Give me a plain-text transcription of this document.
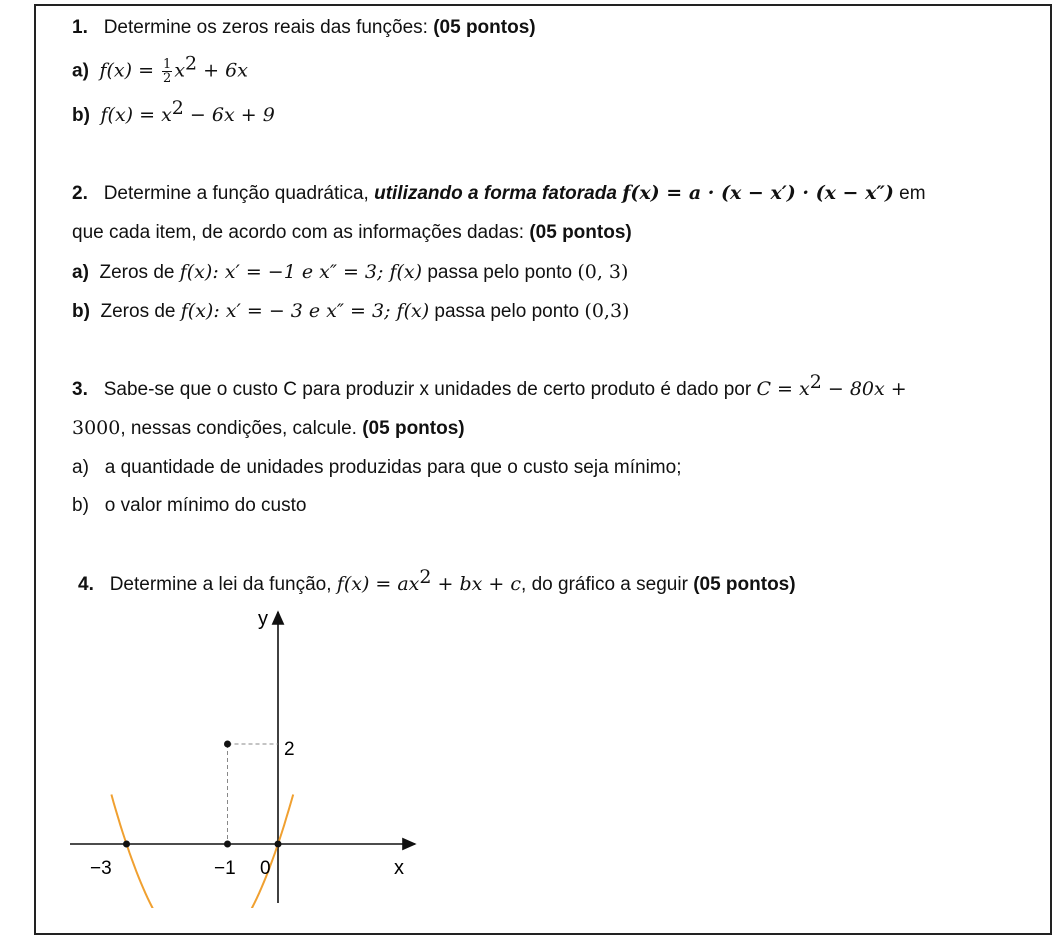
1. Determine os zeros reais das funções: (05 pontos)
a) $f(x) = \frac{1}{2} x^2 + 6x$
b) $f(x) = x^2 - 6x + 9$
2. Determine a função quadrática, utilizando a forma fatorada f(x) = a · (x − x′) · (x − x″) em
que cada item, de acordo com as informações dadas: (05 pontos)
a) Zeros de f(x): x′ = −1 e x″ = 3; f(x) passa pelo ponto (0, 3)
b) Zeros de f(x): x′ = − 3 e x″ = 3; f(x) passa pelo ponto (0,3)
3. Sabe-se que o custo C para produzir x unidades de certo produto é dado por $C = x^2 - 80x$ +
3000, nessas condições, calcule. (05 pontos)
a) a quantidade de unidades produzidas para que o custo seja mínimo;
b) o valor mínimo do custo
4. Determine a lei da função, $f(x) = ax^2$ + bx + c, do gráfico a seguir (05 pontos)
y
x
−3	−1 0
2
